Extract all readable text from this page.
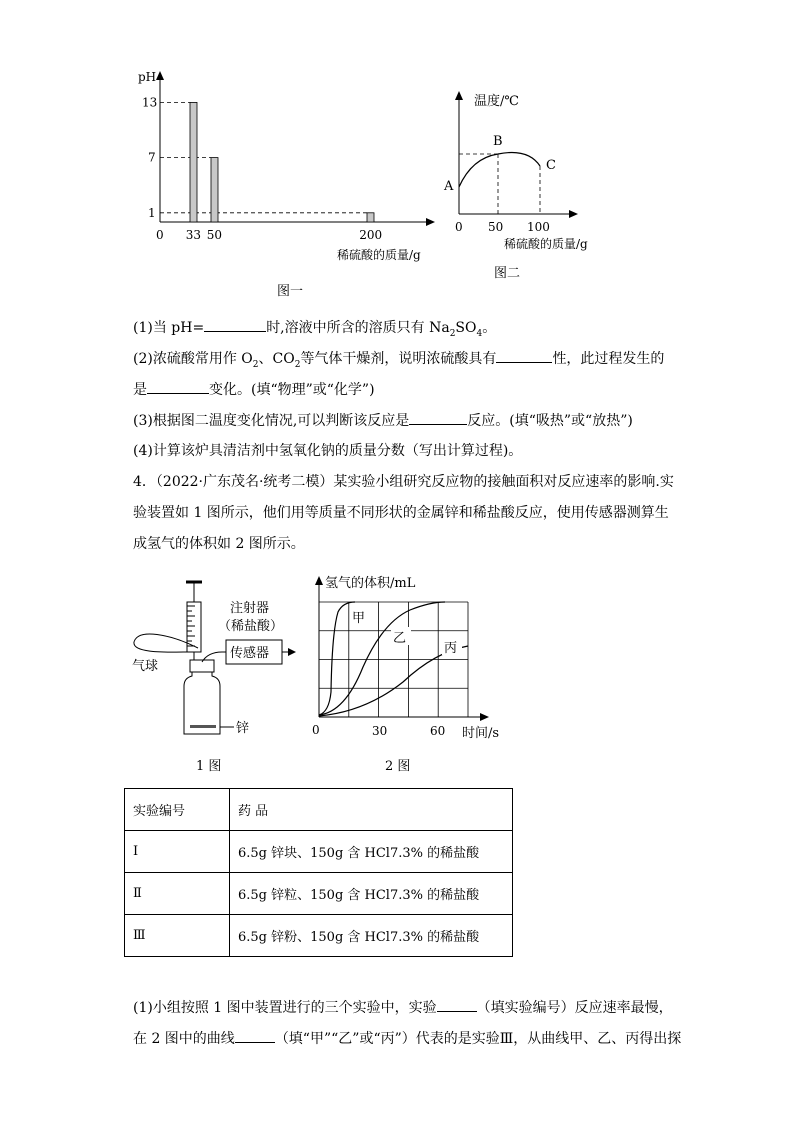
pH
0
13
7
1
33 50	200
稀硫酸的质量/g
图一
温度/℃
A
B
C
0 50 100
稀硫酸的质量/g
图二
(1)当 pH=	时,溶液中所含的溶质只有 $Na_2SO_4$。
(2)浓硫酸常用作 $O_2$、$CO_2$等气体干燥剂，说明浓硫酸具有	性，此过程发生的
是	变化。(填“物理”或“化学”)
(3)根据图二温度变化情况,可以判断该反应是	反应。(填“吸热”或“放热”)
(4)计算该炉具清洁剂中氢氧化钠的质量分数（写出计算过程)。
4．（2022·广东茂名·统考二模）某实验小组研究反应物的接触面积对反应速率的影响.实
验装置如 1 图所示，他们用等质量不同形状的金属锌和稀盐酸反应，使用传感器测算生
成氢气的体积如 2 图所示。
注射器
（稀盐酸）
传感器
气球
锌
1 图
甲
乙
丙
氢气的体积/mL
0	30	60 时间/s
2 图
实验编号	药 品
I	6.5g 锌块、150g 含 HCl7.3% 的稀盐酸
Ⅱ	6.5g 锌粒、150g 含 HCl7.3% 的稀盐酸
Ⅲ	6.5g 锌粉、150g 含 HCl7.3% 的稀盐酸
(1)小组按照 1 图中装置进行的三个实验中，实验	（填实验编号）反应速率最慢，
在 2 图中的曲线	（填“甲”“乙”或“丙”）代表的是实验Ⅲ，从曲线甲、乙、丙得出探
